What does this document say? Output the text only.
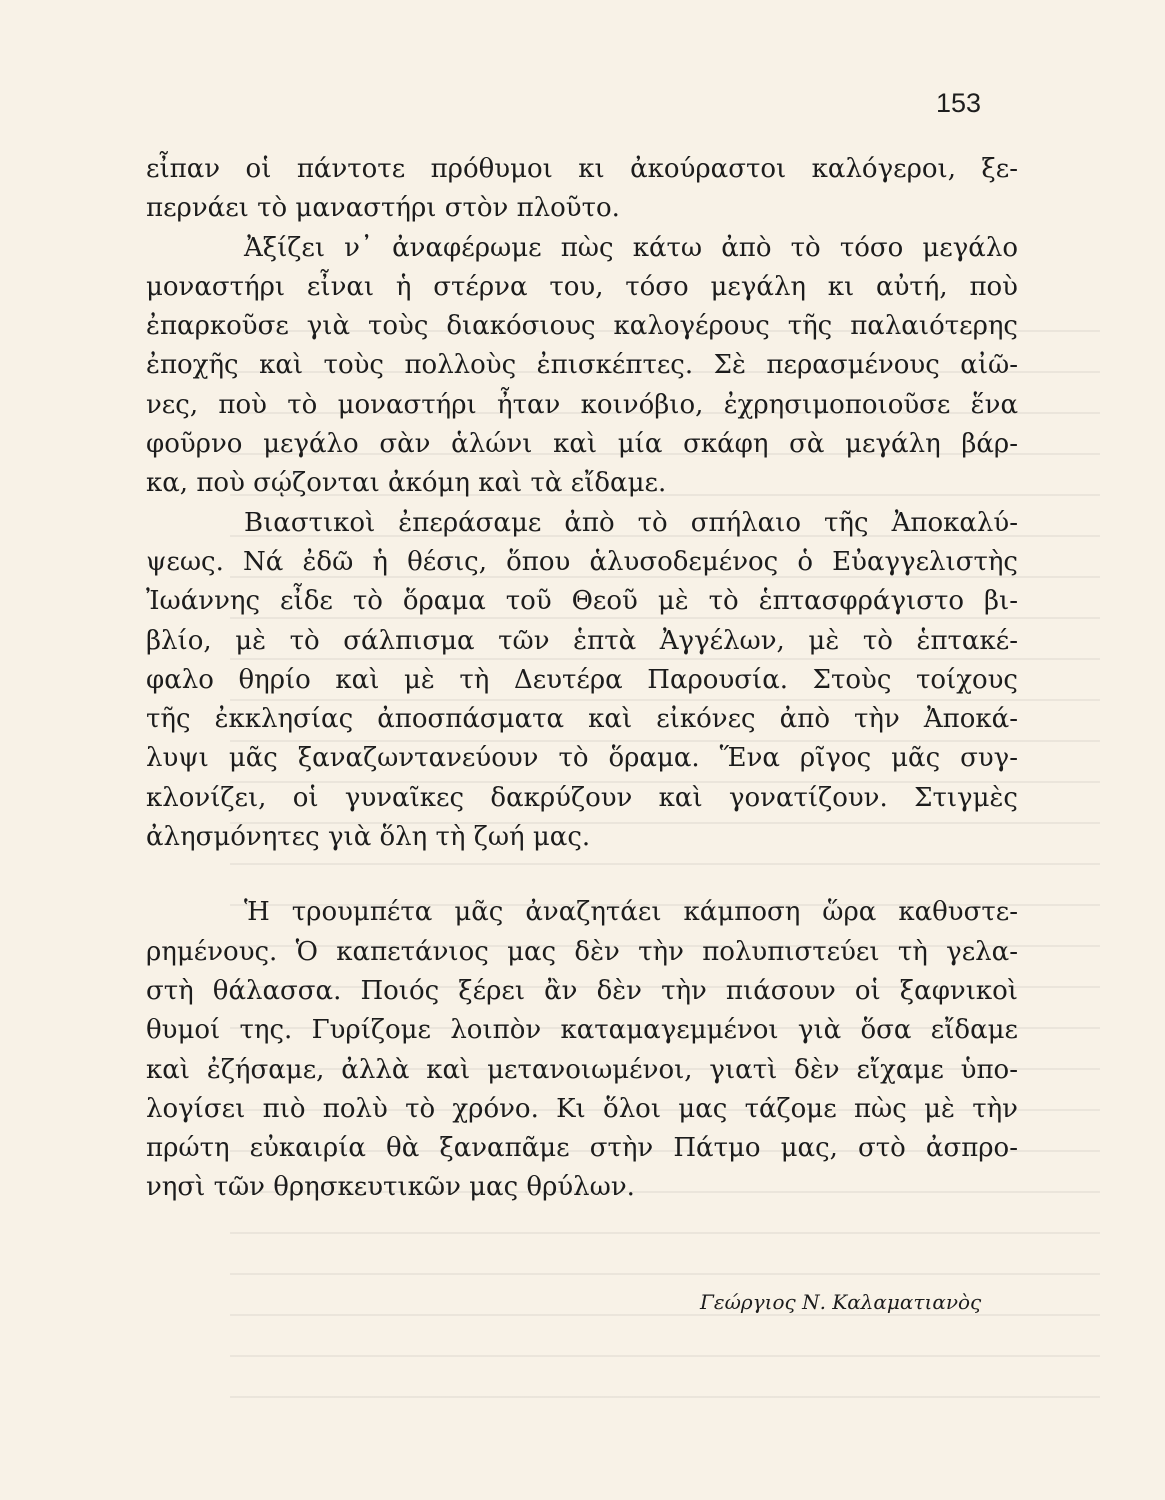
153
εἶπαν οἱ πάντοτε πρόθυμοι κι ἀκούραστοι καλόγεροι, ξε-
περνάει τὸ μαναστήρι στὸν πλοῦτο.
Ἀξίζει ν᾿ ἀναφέρωμε πὼς κάτω ἀπὸ τὸ τόσο μεγάλο
μοναστήρι εἶναι ἡ στέρνα του, τόσο μεγάλη κι αὐτή, ποὺ
ἐπαρκοῦσε γιὰ τοὺς διακόσιους καλογέρους τῆς παλαιότερης
ἐποχῆς καὶ τοὺς πολλοὺς ἐπισκέπτες. Σὲ περασμένους αἰῶ-
νες, ποὺ τὸ μοναστήρι ἦταν κοινόβιο, ἐχρησιμοποιοῦσε ἕνα
φοῦρνο μεγάλο σὰν ἁλώνι καὶ μία σκάφη σὰ μεγάλη βάρ-
κα, ποὺ σῴζονται ἀκόμη καὶ τὰ εἴδαμε.
Βιαστικοὶ ἐπεράσαμε ἀπὸ τὸ σπήλαιο τῆς Ἀποκαλύ-
ψεως. Νά ἐδῶ ἡ θέσις, ὅπου ἁλυσοδεμένος ὁ Εὐαγγελιστὴς
Ἰωάννης εἶδε τὸ ὅραμα τοῦ Θεοῦ μὲ τὸ ἑπτασφράγιστο βι-
βλίο, μὲ τὸ σάλπισμα τῶν ἑπτὰ Ἀγγέλων, μὲ τὸ ἑπτακέ-
φαλο θηρίο καὶ μὲ τὴ Δευτέρα Παρουσία. Στοὺς τοίχους
τῆς ἐκκλησίας ἀποσπάσματα καὶ εἰκόνες ἀπὸ τὴν Ἀποκά-
λυψι μᾶς ξαναζωντανεύουν τὸ ὅραμα. Ἕνα ρῖγος μᾶς συγ-
κλονίζει, οἱ γυναῖκες δακρύζουν καὶ γονατίζουν. Στιγμὲς
ἀλησμόνητες γιὰ ὅλη τὴ ζωή μας.
Ἡ τρουμπέτα μᾶς ἀναζητάει κάμποση ὥρα καθυστε-
ρημένους. Ὁ καπετάνιος μας δὲν τὴν πολυπιστεύει τὴ γελα-
στὴ θάλασσα. Ποιός ξέρει ἂν δὲν τὴν πιάσουν οἱ ξαφνικοὶ
θυμοί της. Γυρίζομε λοιπὸν καταμαγεμμένοι γιὰ ὅσα εἴδαμε
καὶ ἐζήσαμε, ἀλλὰ καὶ μετανοιωμένοι, γιατὶ δὲν εἴχαμε ὑπο-
λογίσει πιὸ πολὺ τὸ χρόνο. Κι ὅλοι μας τάζομε πὼς μὲ τὴν
πρώτη εὐκαιρία θὰ ξαναπᾶμε στὴν Πάτμο μας, στὸ ἀσπρο-
νησὶ τῶν θρησκευτικῶν μας θρύλων.
Γεώργιος Ν. Καλαματιανὸς
